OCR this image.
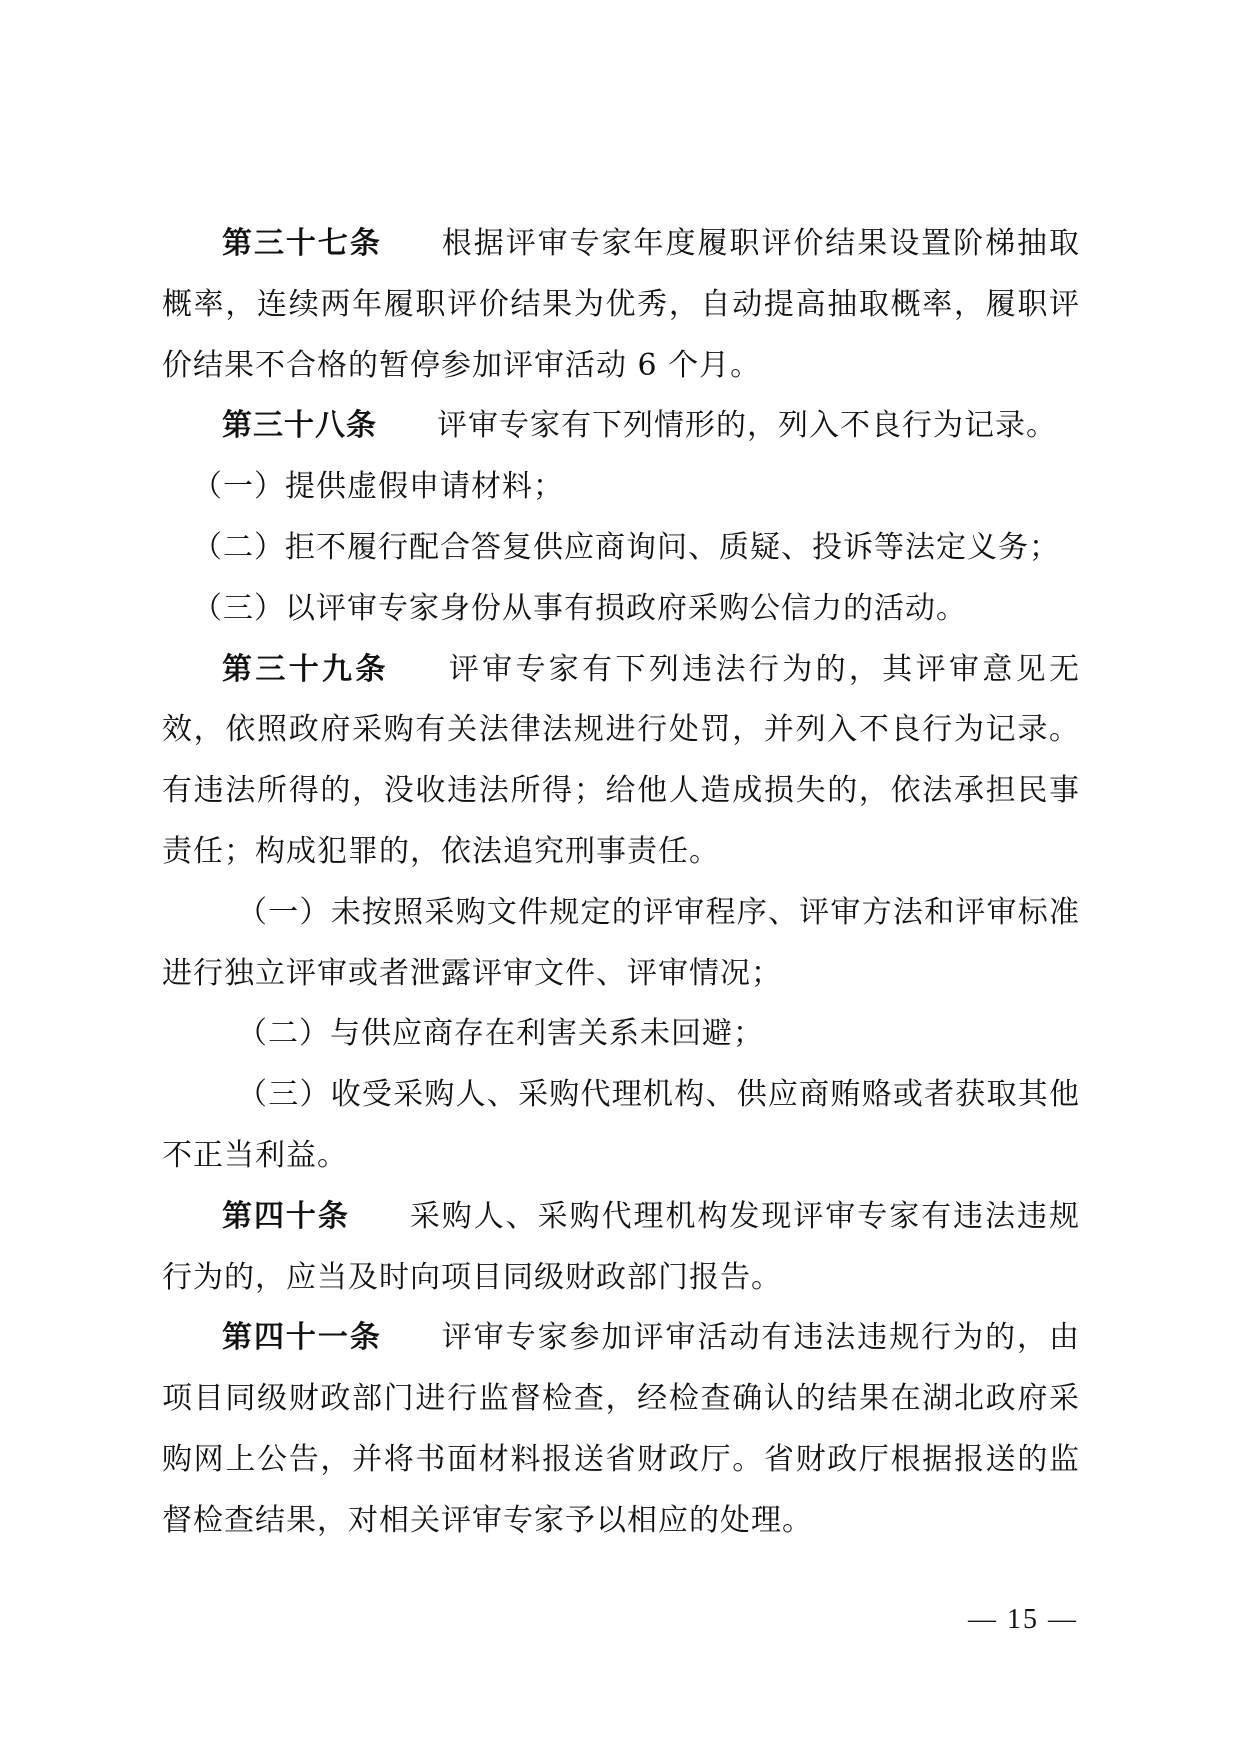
第三十七条 根据评审专家年度履职评价结果设置阶梯抽取概率，连续两年履职评价结果为优秀，自动提高抽取概率，履职评价结果不合格的暂停参加评审活动 6 个月。

第三十八条 评审专家有下列情形的，列入不良行为记录。

（一）提供虚假申请材料；

（二）拒不履行配合答复供应商询问、质疑、投诉等法定义务；

（三）以评审专家身份从事有损政府采购公信力的活动。

第三十九条 评审专家有下列违法行为的，其评审意见无效，依照政府采购有关法律法规进行处罚，并列入不良行为记录。有违法所得的，没收违法所得；给他人造成损失的，依法承担民事责任；构成犯罪的，依法追究刑事责任。

（一）未按照采购文件规定的评审程序、评审方法和评审标准进行独立评审或者泄露评审文件、评审情况；

（二）与供应商存在利害关系未回避；

（三）收受采购人、采购代理机构、供应商贿赂或者获取其他不正当利益。

第四十条 采购人、采购代理机构发现评审专家有违法违规行为的，应当及时向项目同级财政部门报告。

第四十一条 评审专家参加评审活动有违法违规行为的，由项目同级财政部门进行监督检查，经检查确认的结果在湖北政府采购网上公告，并将书面材料报送省财政厅。省财政厅根据报送的监督检查结果，对相关评审专家予以相应的处理。

— 15 —
